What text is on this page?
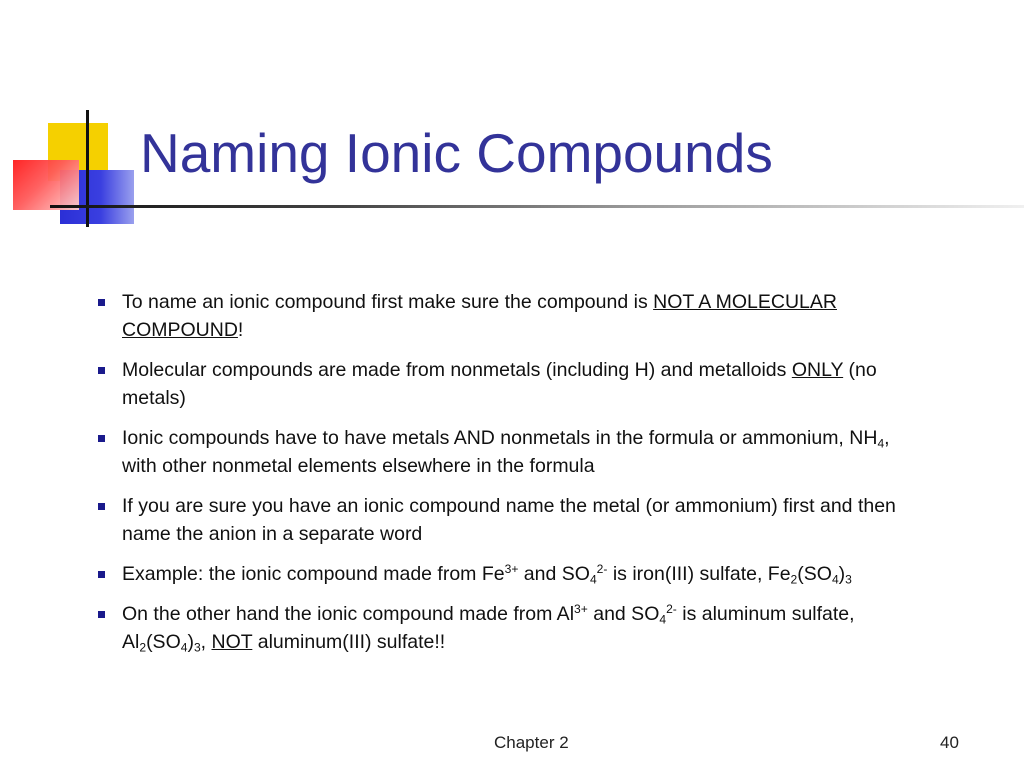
Naming Ionic Compounds
To name an ionic compound first make sure the compound is NOT A MOLECULAR COMPOUND!
Molecular compounds are made from nonmetals (including H) and metalloids ONLY (no metals)
Ionic compounds have to have metals AND nonmetals in the formula or ammonium, $NH_4$, with other nonmetal elements elsewhere in the formula
If you are sure you have an ionic compound name the metal (or ammonium) first and then name the anion in a separate word
Example: the ionic compound made from $Fe^{3+}$ and $SO_4^{2-}$ is iron(III) sulfate, $Fe_2(SO_4)_3$
On the other hand the ionic compound made from $Al^{3+}$ and $SO_4^{2-}$ is aluminum sulfate, $Al_2(SO_4)_3$, NOT aluminum(III) sulfate!!
Chapter 2	40
